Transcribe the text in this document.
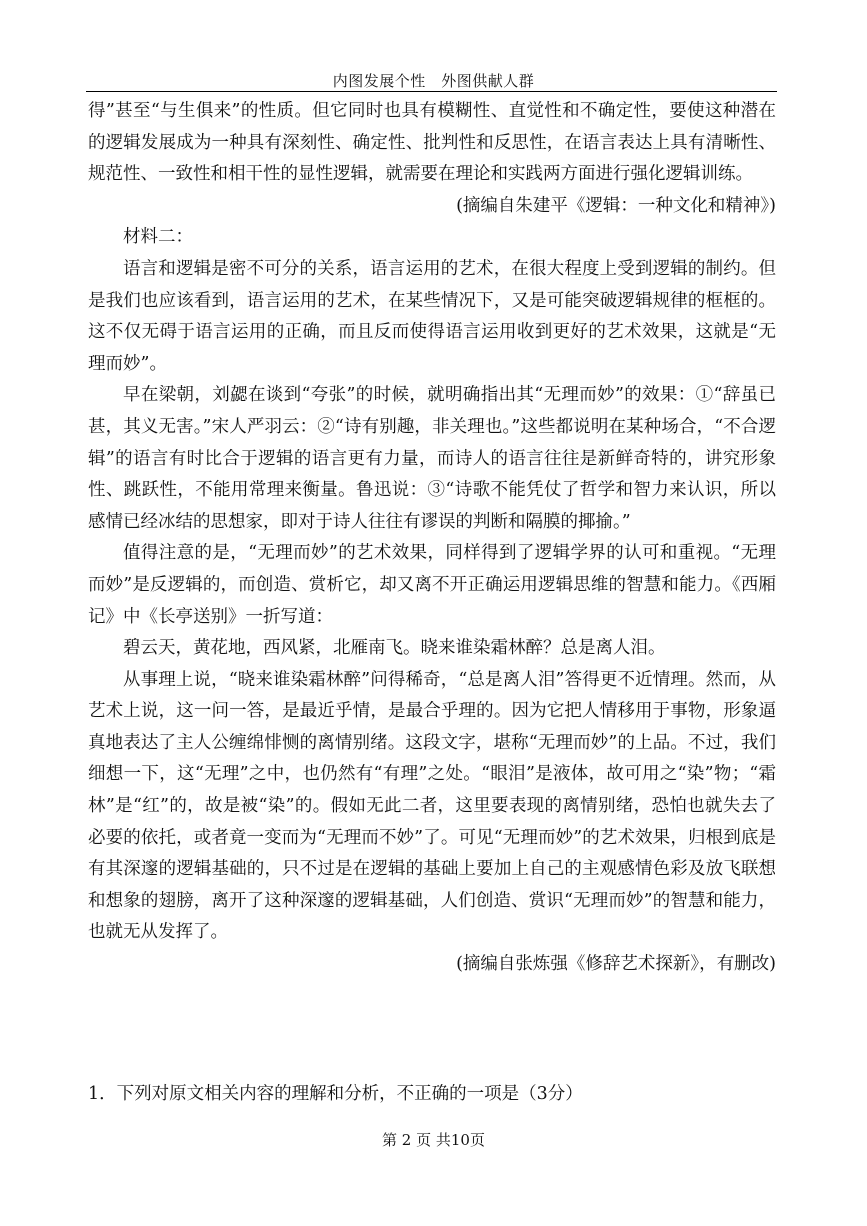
内图发展个性　外图供献人群

得”甚至“与生俱来”的性质。但它同时也具有模糊性、直觉性和不确定性，要使这种潜在的逻辑发展成为一种具有深刻性、确定性、批判性和反思性，在语言表达上具有清晰性、规范性、一致性和相干性的显性逻辑，就需要在理论和实践两方面进行强化逻辑训练。

(摘编自朱建平《逻辑：一种文化和精神》)

材料二：

语言和逻辑是密不可分的关系，语言运用的艺术，在很大程度上受到逻辑的制约。但是我们也应该看到，语言运用的艺术，在某些情况下，又是可能突破逻辑规律的框框的。这不仅无碍于语言运用的正确，而且反而使得语言运用收到更好的艺术效果，这就是“无理而妙”。

早在梁朝，刘勰在谈到“夸张”的时候，就明确指出其“无理而妙”的效果：①“辞虽已甚，其义无害。”宋人严羽云：②“诗有别趣，非关理也。”这些都说明在某种场合，“不合逻辑”的语言有时比合于逻辑的语言更有力量，而诗人的语言往往是新鲜奇特的，讲究形象性、跳跃性，不能用常理来衡量。鲁迅说：③“诗歌不能凭仗了哲学和智力来认识，所以感情已经冰结的思想家，即对于诗人往往有谬误的判断和隔膜的揶揄。”

值得注意的是，“无理而妙”的艺术效果，同样得到了逻辑学界的认可和重视。“无理而妙”是反逻辑的，而创造、赏析它，却又离不开正确运用逻辑思维的智慧和能力。《西厢记》中《长亭送别》一折写道：

碧云天，黄花地，西风紧，北雁南飞。晓来谁染霜林醉？总是离人泪。

从事理上说，“晓来谁染霜林醉”问得稀奇，“总是离人泪”答得更不近情理。然而，从艺术上说，这一问一答，是最近乎情，是最合乎理的。因为它把人情移用于事物，形象逼真地表达了主人公缠绵悱恻的离情别绪。这段文字，堪称“无理而妙”的上品。不过，我们细想一下，这“无理”之中，也仍然有“有理”之处。“眼泪”是液体，故可用之“染”物；“霜林”是“红”的，故是被“染”的。假如无此二者，这里要表现的离情别绪，恐怕也就失去了必要的依托，或者竟一变而为“无理而不妙”了。可见“无理而妙”的艺术效果，归根到底是有其深邃的逻辑基础的，只不过是在逻辑的基础上要加上自己的主观感情色彩及放飞联想和想象的翅膀，离开了这种深邃的逻辑基础，人们创造、赏识“无理而妙”的智慧和能力，也就无从发挥了。

(摘编自张炼强《修辞艺术探新》，有删改)

1．下列对原文相关内容的理解和分析，不正确的一项是（3分）
第 2 页 共10页
